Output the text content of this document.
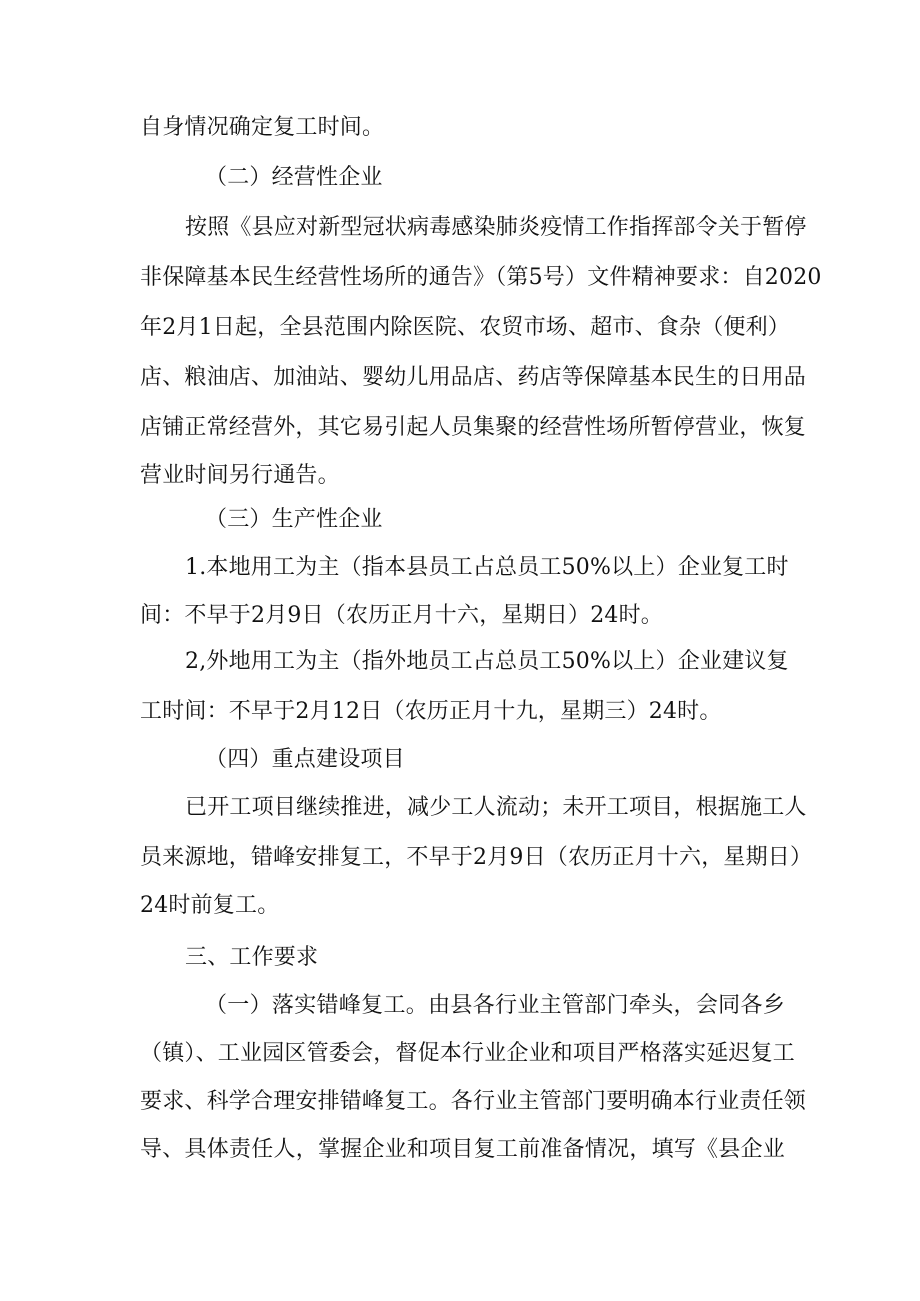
自身情况确定复工时间。
（二）经营性企业
按照《县应对新型冠状病毒感染肺炎疫情工作指挥部令关于暂停
非保障基本民生经营性场所的通告》（第5号）文件精神要求：自2020
年2月1日起，全县范围内除医院、农贸市场、超市、食杂（便利）
店、粮油店、加油站、婴幼儿用品店、药店等保障基本民生的日用品
店铺正常经营外，其它易引起人员集聚的经营性场所暂停营业，恢复
营业时间另行通告。
（三）生产性企业
1.本地用工为主（指本县员工占总员工50%以上）企业复工时
间：不早于2月9日（农历正月十六，星期日）24时。
2,外地用工为主（指外地员工占总员工50%以上）企业建议复
工时间：不早于2月12日（农历正月十九，星期三）24时。
（四）重点建设项目
已开工项目继续推进，减少工人流动；未开工项目，根据施工人
员来源地，错峰安排复工，不早于2月9日（农历正月十六，星期日）
24时前复工。
三、工作要求
（一）落实错峰复工。由县各行业主管部门牵头，会同各乡
（镇）、工业园区管委会，督促本行业企业和项目严格落实延迟复工
要求、科学合理安排错峰复工。各行业主管部门要明确本行业责任领
导、具体责任人，掌握企业和项目复工前准备情况，填写《县企业
